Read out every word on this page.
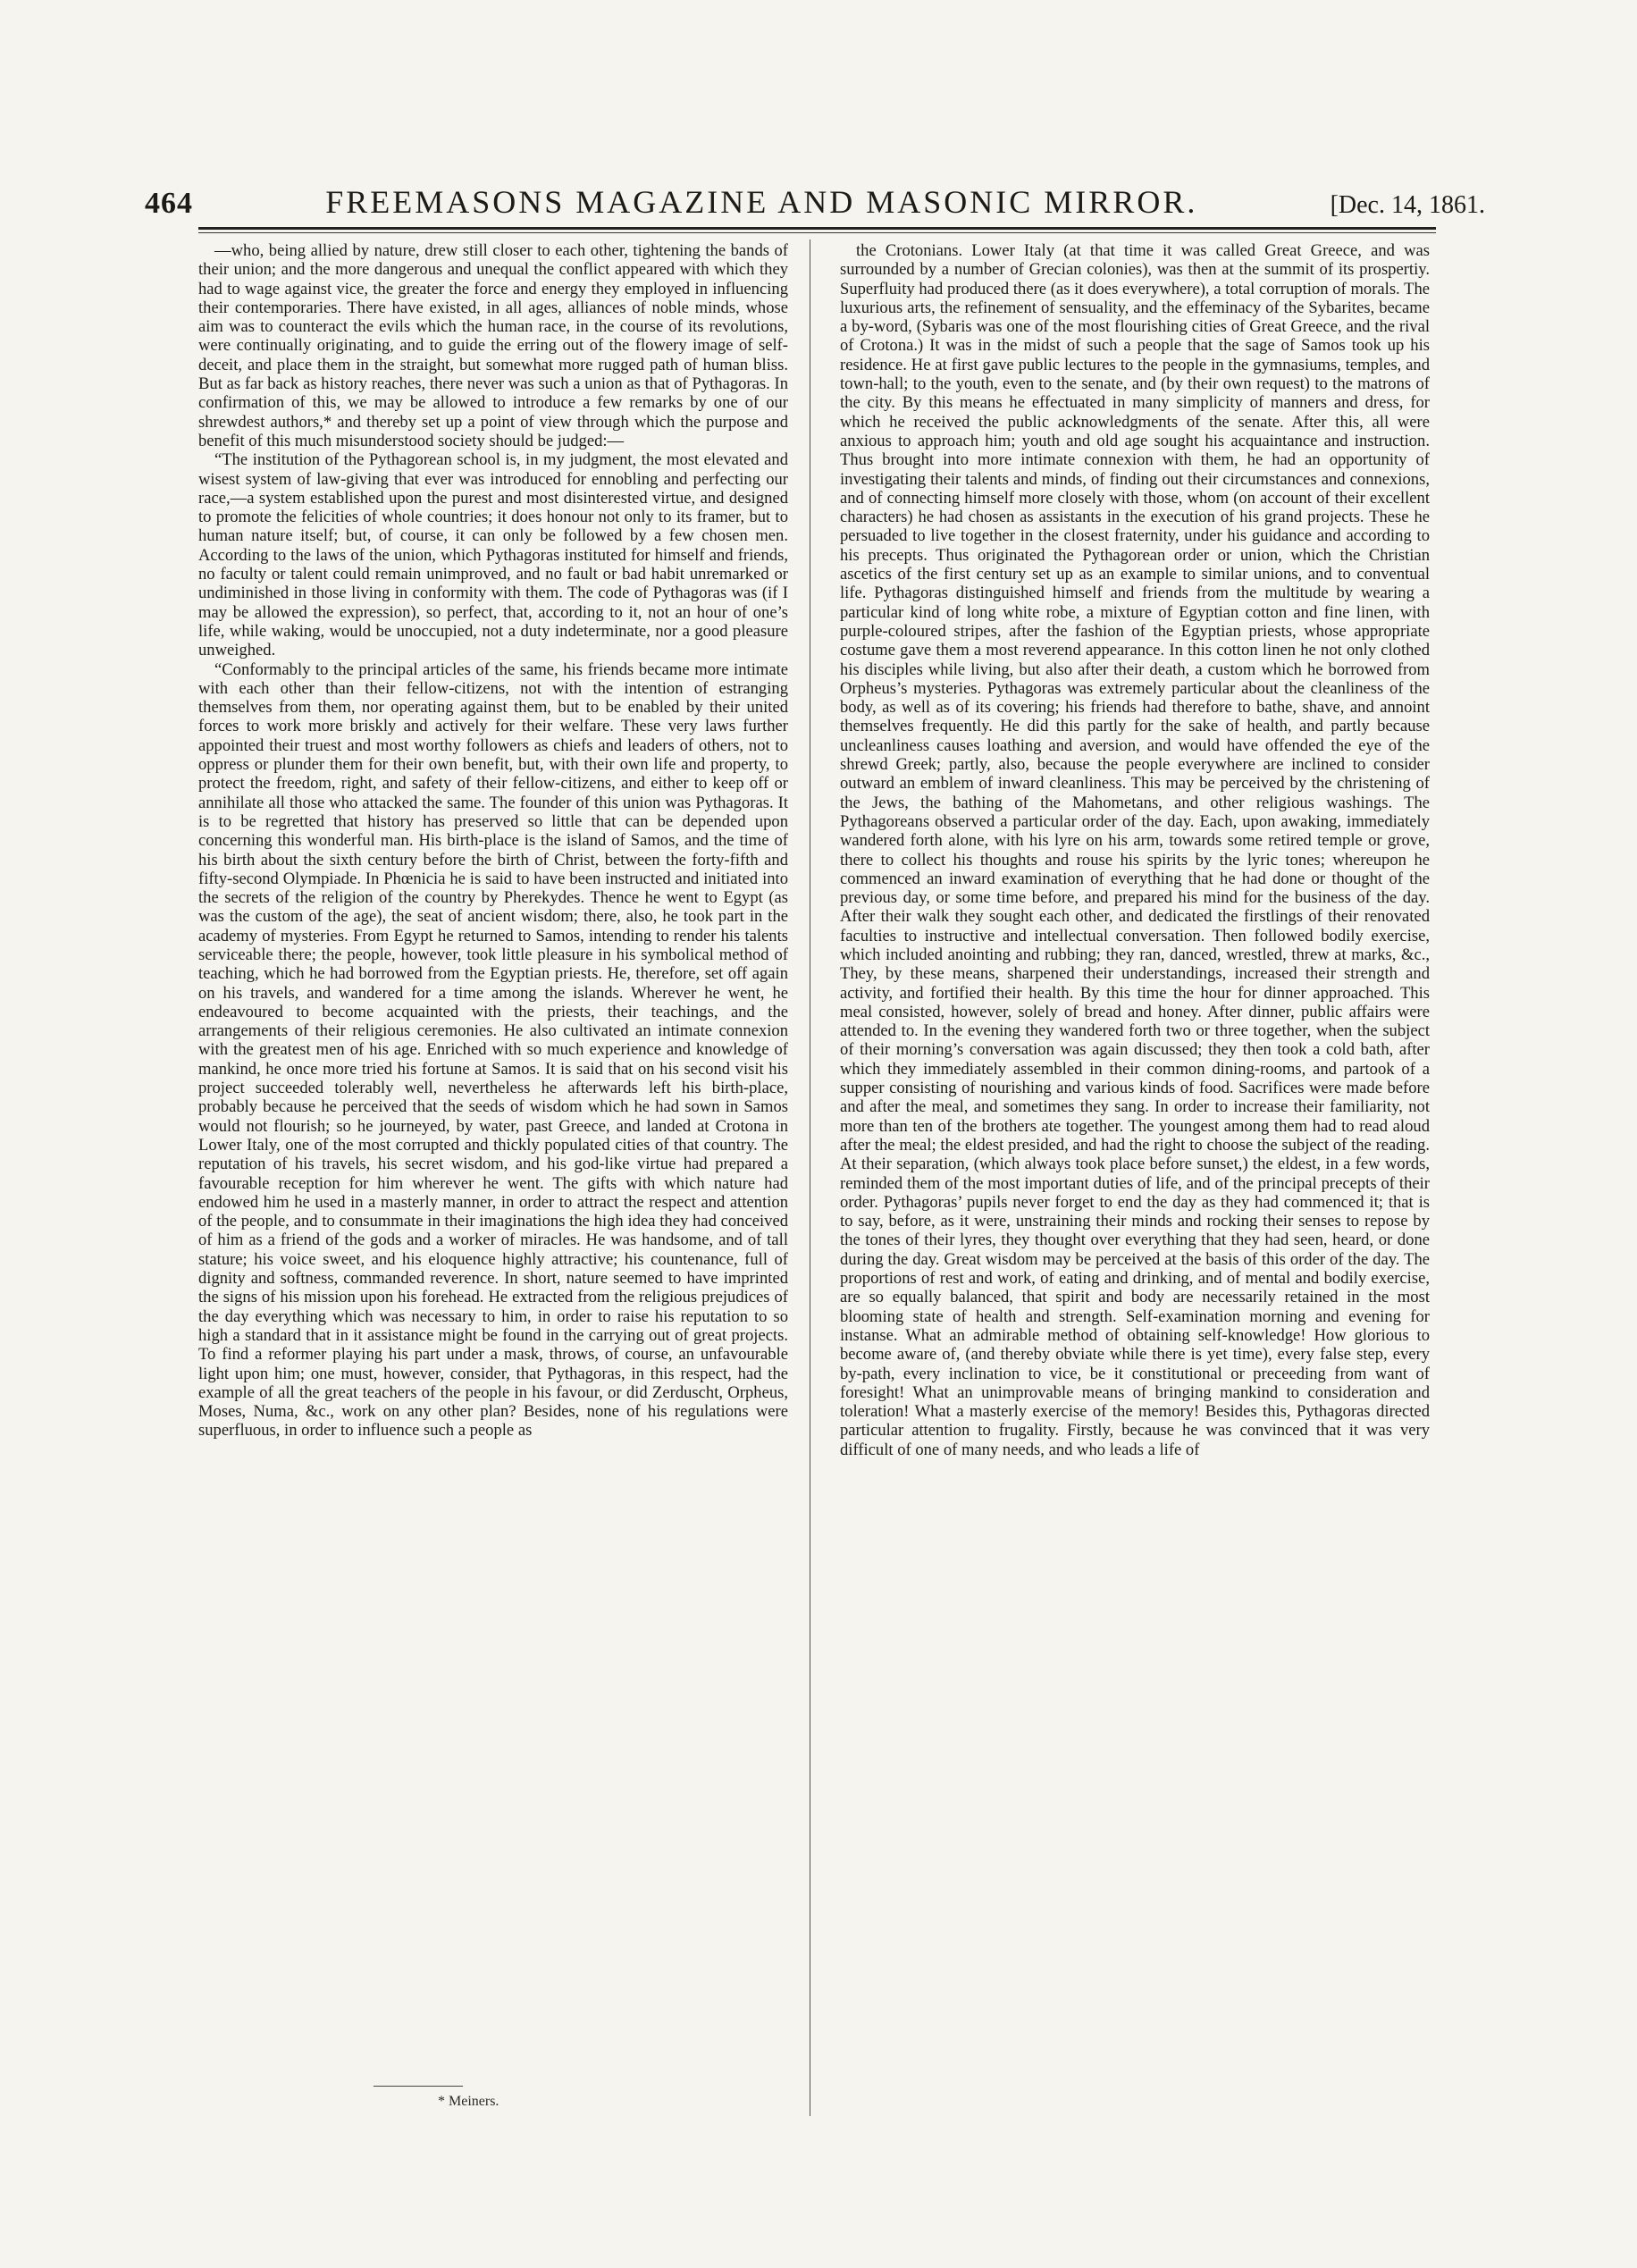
464	FREEMASONS MAGAZINE AND MASONIC MIRROR.	[Dec. 14, 1861.

—who, being allied by nature, drew still closer to each other, tightening the bands of their union; and the more dangerous and unequal the conflict appeared with which they had to wage against vice, the greater the force and energy they employed in influencing their contemporaries. There have existed, in all ages, alliances of noble minds, whose aim was to counteract the evils which the human race, in the course of its revolutions, were continually originating, and to guide the erring out of the flowery image of self-deceit, and place them in the straight, but somewhat more rugged path of human bliss. But as far back as history reaches, there never was such a union as that of Pythagoras. In confirmation of this, we may be allowed to introduce a few remarks by one of our shrewdest authors,* and thereby set up a point of view through which the purpose and benefit of this much misunderstood society should be judged:—

“The institution of the Pythagorean school is, in my judgment, the most elevated and wisest system of law-giving that ever was introduced for ennobling and perfecting our race,—a system established upon the purest and most disinterested virtue, and designed to promote the felicities of whole countries; it does honour not only to its framer, but to human nature itself; but, of course, it can only be followed by a few chosen men. According to the laws of the union, which Pythagoras instituted for himself and friends, no faculty or talent could remain unimproved, and no fault or bad habit unremarked or undiminished in those living in conformity with them. The code of Pythagoras was (if I may be allowed the expression), so perfect, that, according to it, not an hour of one’s life, while waking, would be unoccupied, not a duty indeterminate, nor a good pleasure unweighed.

“Conformably to the principal articles of the same, his friends became more intimate with each other than their fellow-citizens, not with the intention of estranging themselves from them, nor operating against them, but to be enabled by their united forces to work more briskly and actively for their welfare. These very laws further appointed their truest and most worthy followers as chiefs and leaders of others, not to oppress or plunder them for their own benefit, but, with their own life and property, to protect the freedom, right, and safety of their fellow-citizens, and either to keep off or annihilate all those who attacked the same. The founder of this union was Pythagoras. It is to be regretted that history has preserved so little that can be depended upon concerning this wonderful man. His birth-place is the island of Samos, and the time of his birth about the sixth century before the birth of Christ, between the forty-fifth and fifty-second Olympiade. In Phœnicia he is said to have been instructed and initiated into the secrets of the religion of the country by Pherekydes. Thence he went to Egypt (as was the custom of the age), the seat of ancient wisdom; there, also, he took part in the academy of mysteries. From Egypt he returned to Samos, intending to render his talents serviceable there; the people, however, took little pleasure in his symbolical method of teaching, which he had borrowed from the Egyptian priests. He, therefore, set off again on his travels, and wandered for a time among the islands. Wherever he went, he endeavoured to become acquainted with the priests, their teachings, and the arrangements of their religious ceremonies. He also cultivated an intimate connexion with the greatest men of his age. Enriched with so much experience and knowledge of mankind, he once more tried his fortune at Samos. It is said that on his second visit his project succeeded tolerably well, nevertheless he afterwards left his birth-place, probably because he perceived that the seeds of wisdom which he had sown in Samos would not flourish; so he journeyed, by water, past Greece, and landed at Crotona in Lower Italy, one of the most corrupted and thickly populated cities of that country. The reputation of his travels, his secret wisdom, and his god-like virtue had prepared a favourable reception for him wherever he went. The gifts with which nature had endowed him he used in a masterly manner, in order to attract the respect and attention of the people, and to consummate in their imaginations the high idea they had conceived of him as a friend of the gods and a worker of miracles. He was handsome, and of tall stature; his voice sweet, and his eloquence highly attractive; his countenance, full of dignity and softness, commanded reverence. In short, nature seemed to have imprinted the signs of his mission upon his forehead. He extracted from the religious prejudices of the day everything which was necessary to him, in order to raise his reputation to so high a standard that in it assistance might be found in the carrying out of great projects. To find a reformer playing his part under a mask, throws, of course, an unfavourable light upon him; one must, however, consider, that Pythagoras, in this respect, had the example of all the great teachers of the people in his favour, or did Zerduscht, Orpheus, Moses, Numa, &c., work on any other plan? Besides, none of his regulations were superfluous, in order to influence such a people as

the Crotonians. Lower Italy (at that time it was called Great Greece, and was surrounded by a number of Grecian colonies), was then at the summit of its prospertiy. Superfluity had produced there (as it does everywhere), a total corruption of morals. The luxurious arts, the refinement of sensuality, and the effeminacy of the Sybarites, became a by-word, (Sybaris was one of the most flourishing cities of Great Greece, and the rival of Crotona.) It was in the midst of such a people that the sage of Samos took up his residence. He at first gave public lectures to the people in the gymnasiums, temples, and town-hall; to the youth, even to the senate, and (by their own request) to the matrons of the city. By this means he effectuated in many simplicity of manners and dress, for which he received the public acknowledgments of the senate. After this, all were anxious to approach him; youth and old age sought his acquaintance and instruction. Thus brought into more intimate connexion with them, he had an opportunity of investigating their talents and minds, of finding out their circumstances and connexions, and of connecting himself more closely with those, whom (on account of their excellent characters) he had chosen as assistants in the execution of his grand projects. These he persuaded to live together in the closest fraternity, under his guidance and according to his precepts. Thus originated the Pythagorean order or union, which the Christian ascetics of the first century set up as an example to similar unions, and to conventual life. Pythagoras distinguished himself and friends from the multitude by wearing a particular kind of long white robe, a mixture of Egyptian cotton and fine linen, with purple-coloured stripes, after the fashion of the Egyptian priests, whose appropriate costume gave them a most reverend appearance. In this cotton linen he not only clothed his disciples while living, but also after their death, a custom which he borrowed from Orpheus’s mysteries. Pythagoras was extremely particular about the cleanliness of the body, as well as of its covering; his friends had therefore to bathe, shave, and annoint themselves frequently. He did this partly for the sake of health, and partly because uncleanliness causes loathing and aversion, and would have offended the eye of the shrewd Greek; partly, also, because the people everywhere are inclined to consider outward an emblem of inward cleanliness. This may be perceived by the christening of the Jews, the bathing of the Mahometans, and other religious washings. The Pythagoreans observed a particular order of the day. Each, upon awaking, immediately wandered forth alone, with his lyre on his arm, towards some retired temple or grove, there to collect his thoughts and rouse his spirits by the lyric tones; whereupon he commenced an inward examination of everything that he had done or thought of the previous day, or some time before, and prepared his mind for the business of the day. After their walk they sought each other, and dedicated the firstlings of their renovated faculties to instructive and intellectual conversation. Then followed bodily exercise, which included anointing and rubbing; they ran, danced, wrestled, threw at marks, &c., They, by these means, sharpened their understandings, increased their strength and activity, and fortified their health. By this time the hour for dinner approached. This meal consisted, however, solely of bread and honey. After dinner, public affairs were attended to. In the evening they wandered forth two or three together, when the subject of their morning’s conversation was again discussed; they then took a cold bath, after which they immediately assembled in their common dining-rooms, and partook of a supper consisting of nourishing and various kinds of food. Sacrifices were made before and after the meal, and sometimes they sang. In order to increase their familiarity, not more than ten of the brothers ate together. The youngest among them had to read aloud after the meal; the eldest presided, and had the right to choose the subject of the reading. At their separation, (which always took place before sunset,) the eldest, in a few words, reminded them of the most important duties of life, and of the principal precepts of their order. Pythagoras’ pupils never forget to end the day as they had commenced it; that is to say, before, as it were, unstraining their minds and rocking their senses to repose by the tones of their lyres, they thought over everything that they had seen, heard, or done during the day. Great wisdom may be perceived at the basis of this order of the day. The proportions of rest and work, of eating and drinking, and of mental and bodily exercise, are so equally balanced, that spirit and body are necessarily retained in the most blooming state of health and strength. Self-examination morning and evening for instanse. What an admirable method of obtaining self-knowledge! How glorious to become aware of, (and thereby obviate while there is yet time), every false step, every by-path, every inclination to vice, be it constitutional or preceeding from want of foresight! What an unimprovable means of bringing mankind to consideration and toleration! What a masterly exercise of the memory! Besides this, Pythagoras directed particular attention to frugality. Firstly, because he was convinced that it was very difficult of one of many needs, and who leads a life of

* Meiners.
